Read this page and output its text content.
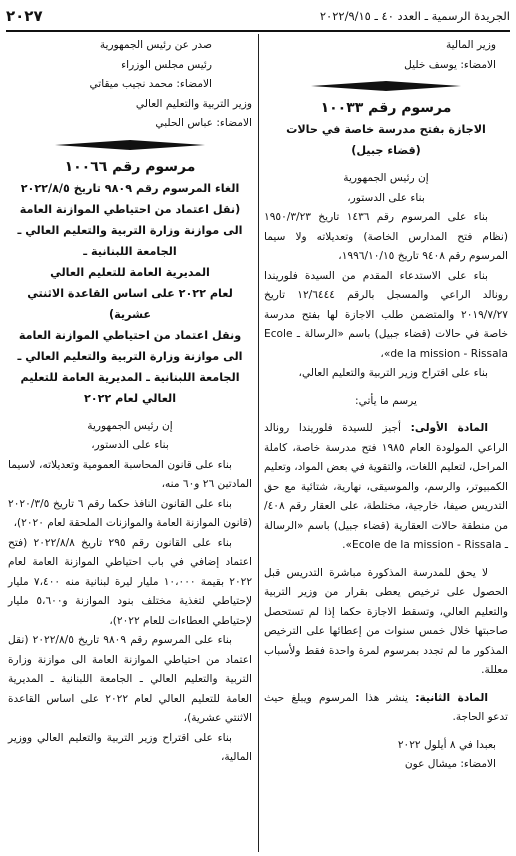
الجريدة الرسمية ـ العدد ٤٠ ـ ٢٠٢٢/٩/١٥
٢٠٢٧

وزير المالية

الامضاء: يوسف خليل

مرسوم رقم ١٠٠٣٣

الاجازة بفتح مدرسة خاصة في حالات

(قضاء جبيل)

إن رئيس الجمهورية

بناء على الدستور،

بناء على المرسوم رقم ١٤٣٦ تاريخ ١٩٥٠/٣/٢٣ (نظام فتح المدارس الخاصة) وتعديلاته ولا سيما المرسوم رقم ٩٤٠٨ تاريخ ١٩٩٦/١٠/١٥،

بناء على الاستدعاء المقدم من السيدة فلوريندا رونالد الراعي والمسجل بالرقم ١٢/٦٤٤٤ تاريخ ٢٠١٩/٧/٢٧ والمتضمن طلب الاجازة لها بفتح مدرسة خاصة في حالات (قضاء جبيل) باسم «الرسالة ـ Ecole de la mission - Rissala»،

بناء على اقتراح وزير التربية والتعليم العالي،

يرسم ما يأتي:

المادة الأولى: أجيز للسيدة فلوريندا رونالد الراعي المولودة العام ١٩٨٥ فتح مدرسة خاصة، كاملة المراحل، لتعليم اللغات، والتقوية في بعض المواد، وتعليم الكمبيوتر، والرسم، والموسيقى، نهارية، شتائية مع حق التدريس صيفا، خارجية، مختلطة، على العقار رقم ٤٠٨/ من منطقة حالات العقارية (قضاء جبيل) باسم «الرسالة ـ Ecole de la mission - Rissala».

لا يحق للمدرسة المذكورة مباشرة التدريس قبل الحصول على ترخيص يعطى بقرار من وزير التربية والتعليم العالي، وتسقط الاجازة حكما إذا لم تستحصل صاحبتها خلال خمس سنوات من إعطائها على الترخيص المذكور ما لم تجدد بمرسوم لمرة واحدة فقط ولأسباب معللة.

المادة الثانية: ينشر هذا المرسوم ويبلغ حيث تدعو الحاجة.

بعبدا في ٨ أيلول ٢٠٢٢

الامضاء: ميشال عون

صدر عن رئيس الجمهورية

رئيس مجلس الوزراء

الامضاء: محمد نجيب ميقاتي

وزير التربية والتعليم العالي

الامضاء: عباس الحلبي

مرسوم رقم ١٠٠٦٦

الغاء المرسوم رقم ٩٨٠٩ تاريخ ٢٠٢٢/٨/٥

(نقل اعتماد من احتياطي الموازنة العامة

الى موازنة وزارة التربية والتعليم العالي ـ

الجامعة اللبنانية ـ

المديرية العامة للتعليم العالي

لعام ٢٠٢٢ على اساس القاعدة الاثنتي عشرية)

ونقل اعتماد من احتياطي الموازنة العامة

الى موازنة وزارة التربية والتعليم العالي ـ

الجامعة اللبنانية ـ المديرية العامة للتعليم

العالي لعام ٢٠٢٢

إن رئيس الجمهورية

بناء على الدستور،

بناء على قانون المحاسبة العمومية وتعديلاته، لاسيما المادتين ٢٦ و٦٠ منه،

بناء على القانون النافذ حكما رقم ٦ تاريخ ٢٠٢٠/٣/٥ (قانون الموازنة العامة والموازنات الملحقة لعام ٢٠٢٠)،

بناء على القانون رقم ٢٩٥ تاريخ ٢٠٢٢/٨/٨ (فتح اعتماد إضافي في باب احتياطي الموازنة العامة لعام ٢٠٢٢ بقيمة ١٠،٠٠٠ مليار ليرة لبنانية منه ٧،٤٠٠ مليار لإحتياطي لتغذية مختلف بنود الموازنة و٥،٦٠٠ مليار لإحتياطي العطاءات للعام ٢٠٢٢)،

بناء على المرسوم رقم ٩٨٠٩ تاريخ ٢٠٢٢/٨/٥ (نقل اعتماد من احتياطي الموازنة العامة الى موازنة وزارة التربية والتعليم العالي ـ الجامعة اللبنانية ـ المديرية العامة للتعليم العالي لعام ٢٠٢٢ على اساس القاعدة الاثنتي عشرية)،

بناء على اقتراح وزير التربية والتعليم العالي ووزير المالية،
